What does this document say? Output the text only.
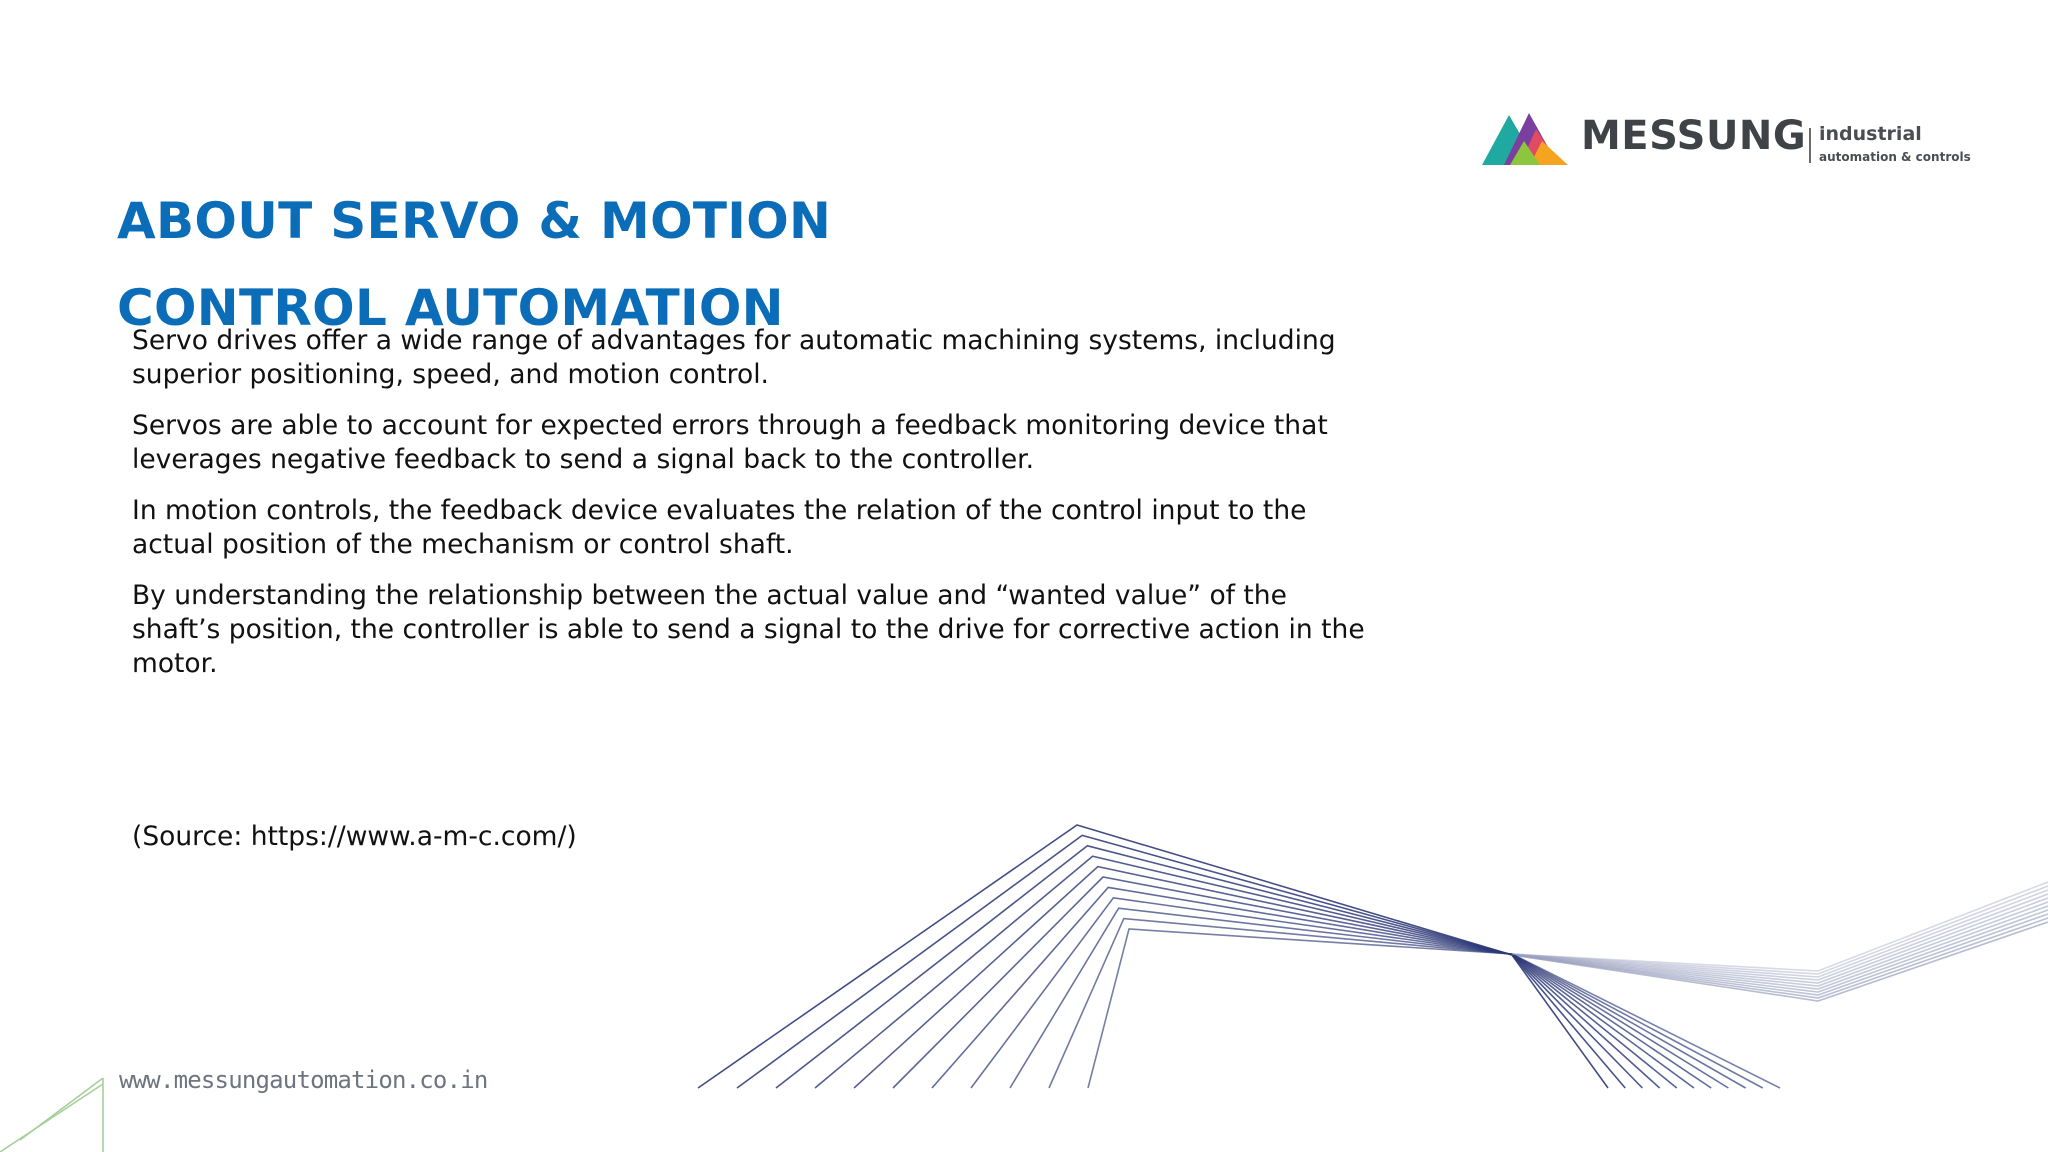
ABOUT SERVO & MOTION
CONTROL AUTOMATION

Servo drives offer a wide range of advantages for automatic machining systems, including superior positioning, speed, and motion control.

Servos are able to account for expected errors through a feedback monitoring device that leverages negative feedback to send a signal back to the controller.

In motion controls, the feedback device evaluates the relation of the control input to the actual position of the mechanism or control shaft.

By understanding the relationship between the actual value and “wanted value” of the shaft’s position, the controller is able to send a signal to the drive for corrective action in the motor.

(Source: https://www.a-m-c.com/)
MESSUNG industrial
automation & controls
www.messungautomation.co.in
